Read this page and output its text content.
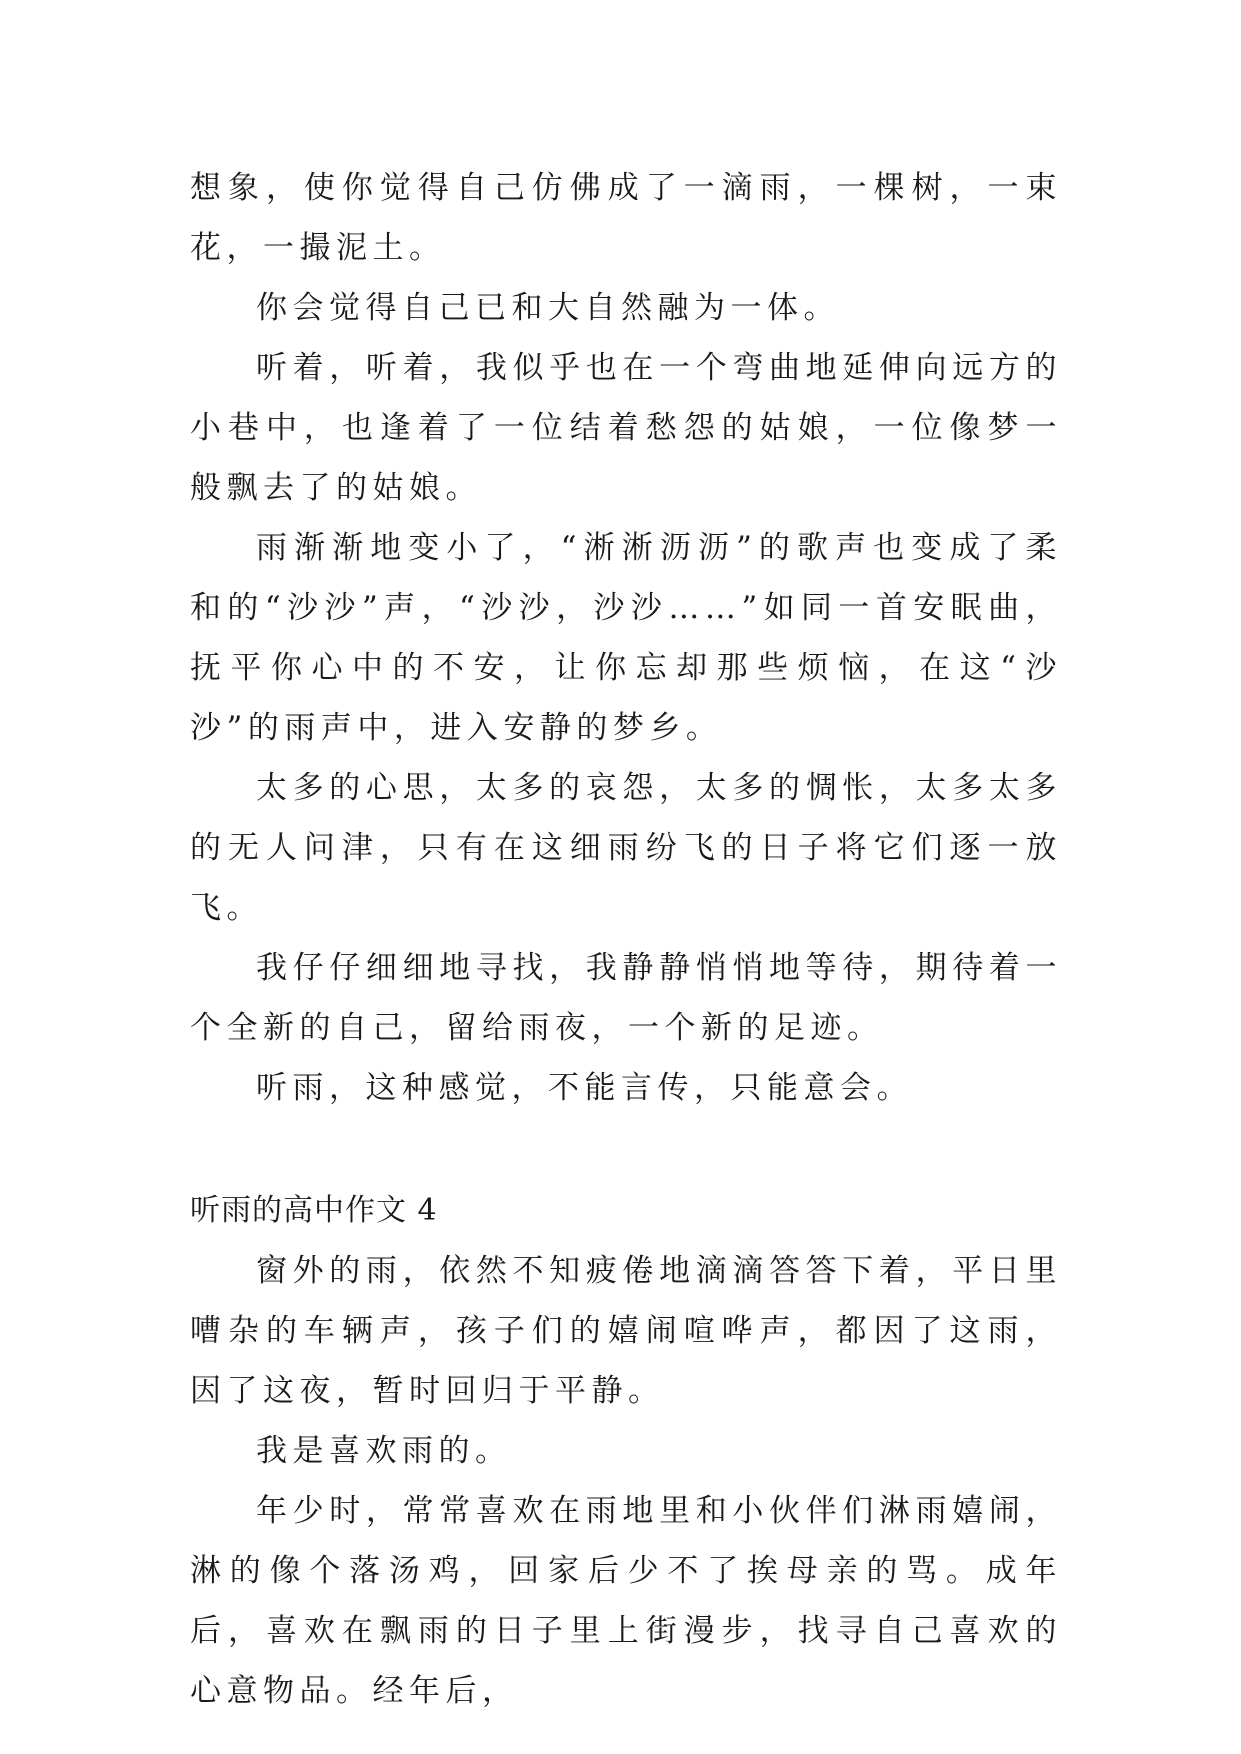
想象，使你觉得自己仿佛成了一滴雨，一棵树，一束花，一撮泥土。

你会觉得自己已和大自然融为一体。

听着，听着，我似乎也在一个弯曲地延伸向远方的小巷中，也逢着了一位结着愁怨的姑娘，一位像梦一般飘去了的姑娘。

雨渐渐地变小了，“淅淅沥沥”的歌声也变成了柔和的“沙沙”声，“沙沙，沙沙……”如同一首安眠曲，抚平你心中的不安，让你忘却那些烦恼，在这“沙沙”的雨声中，进入安静的梦乡。

太多的心思，太多的哀怨，太多的惆怅，太多太多的无人问津，只有在这细雨纷飞的日子将它们逐一放飞。

我仔仔细细地寻找，我静静悄悄地等待，期待着一个全新的自己，留给雨夜，一个新的足迹。

听雨，这种感觉，不能言传，只能意会。

听雨的高中作文 4

窗外的雨，依然不知疲倦地滴滴答答下着，平日里嘈杂的车辆声，孩子们的嬉闹喧哗声，都因了这雨，因了这夜，暂时回归于平静。

我是喜欢雨的。

年少时，常常喜欢在雨地里和小伙伴们淋雨嬉闹，淋的像个落汤鸡，回家后少不了挨母亲的骂。成年后，喜欢在飘雨的日子里上街漫步，找寻自己喜欢的心意物品。经年后，
